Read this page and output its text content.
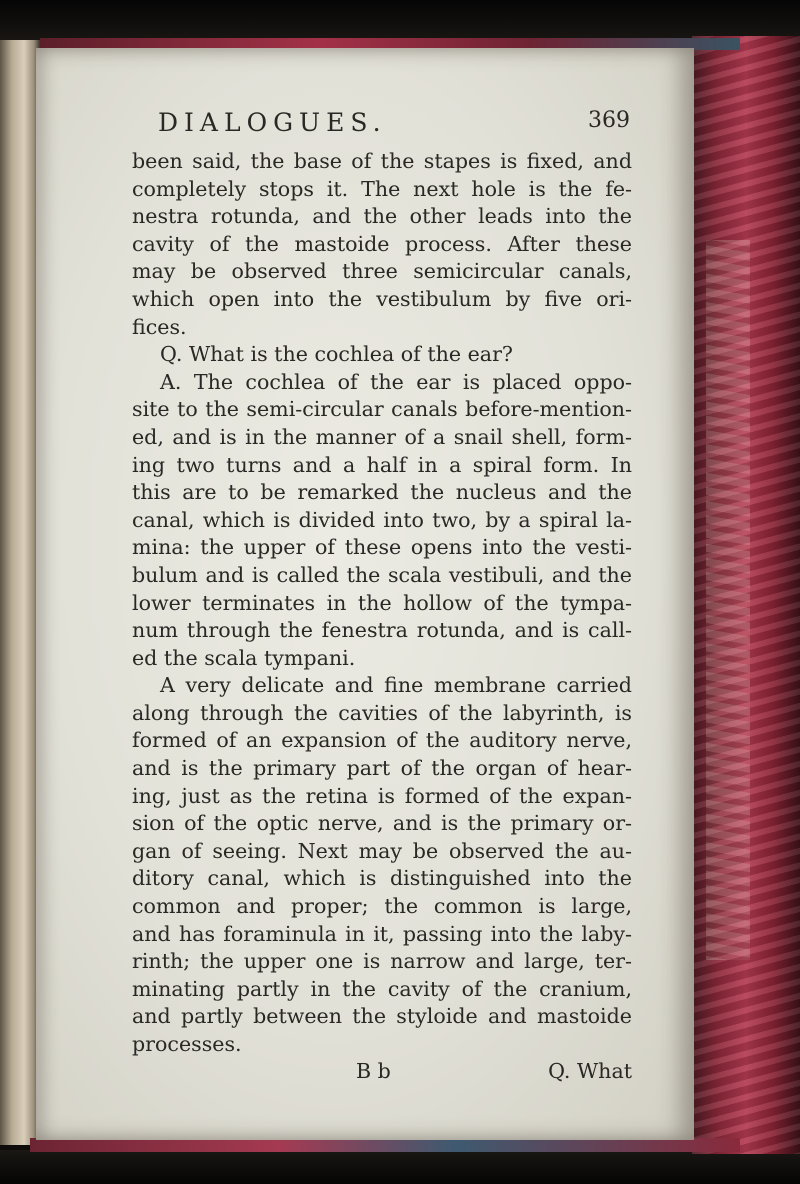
DIALOGUES.	369
been said, the base of the stapes is fixed, and
completely stops it. The next hole is the fe-
nestra rotunda, and the other leads into the
cavity of the mastoide process. After these
may be observed three semicircular canals,
which open into the vestibulum by five ori-
fices.
Q. What is the cochlea of the ear?
A. The cochlea of the ear is placed oppo-
site to the semi-circular canals before-mention-
ed, and is in the manner of a snail shell, form-
ing two turns and a half in a spiral form. In
this are to be remarked the nucleus and the
canal, which is divided into two, by a spiral la-
mina: the upper of these opens into the vesti-
bulum and is called the scala vestibuli, and the
lower terminates in the hollow of the tympa-
num through the fenestra rotunda, and is call-
ed the scala tympani.
A very delicate and fine membrane carried
along through the cavities of the labyrinth, is
formed of an expansion of the auditory nerve,
and is the primary part of the organ of hear-
ing, just as the retina is formed of the expan-
sion of the optic nerve, and is the primary or-
gan of seeing. Next may be observed the au-
ditory canal, which is distinguished into the
common and proper; the common is large,
and has foraminula in it, passing into the laby-
rinth; the upper one is narrow and large, ter-
minating partly in the cavity of the cranium,
and partly between the styloide and mastoide
processes.
B b	Q. What
